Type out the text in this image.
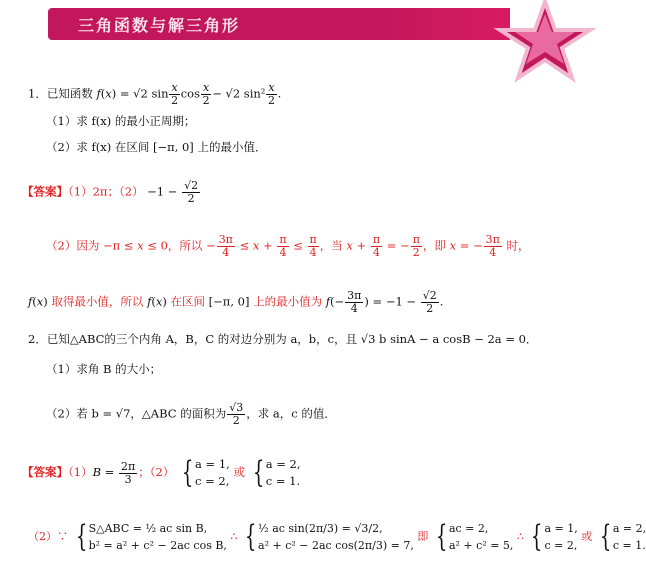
三角函数与解三角形
1．已知函数 f(x) = √2 $\sin \frac{x}{2}$ $\cos \frac{x}{2} - √2$ $\sin^2 \frac{x}{2}$ .
（1）求 f(x) 的最小正周期；
（2）求 f(x) 在区间 [−π, 0] 上的最小值．
【答案】（1）2π；$(2) -1 - \frac{√2}{2}$
（2）因为 −π ≤ x ≤ 0，所以 − $\frac{3\pi}{4} \le x + \frac{\pi}{4} \le \frac{\pi}{4}$ ，当 $x + \frac{\pi}{4}$ = − $\frac{\pi}{2}$ ，即 x = − $\frac{3\pi}{4}$ 时，
f(x) 取得最小值，所以 f(x) 在区间 [−π, 0] 上的最小值为 $f(- \frac{3\pi}{4}$ ) = $-1 - \frac{√2}{2}$ .
2．已知△ABC的三个内角 A，B，C 的对边分别为 a，b，c，且 √3 b sinA − a cosB − 2a = 0．
（1）求角 B 的大小；
（2）若 b = √7，△ABC 的面积为 $\frac{√3}{2}$ ，求 a，c 的值．
【答案】$(1)B = \frac{2\pi}{3}$ ；（2） { a = 1,
c = 2,
或 { a = 2,
c = 1.
（2）∵ { S△ABC = ½ ac sin B,
b² = a² + c² − 2ac cos B,
∴ { ½ ac sin(2π/3) = √3/2,
a² + c² − 2ac cos(2π/3) = 7,
即 { ac = 2,
a² + c² = 5,
∴ { a = 1,
c = 2,
或 { a = 2,
c = 1.
